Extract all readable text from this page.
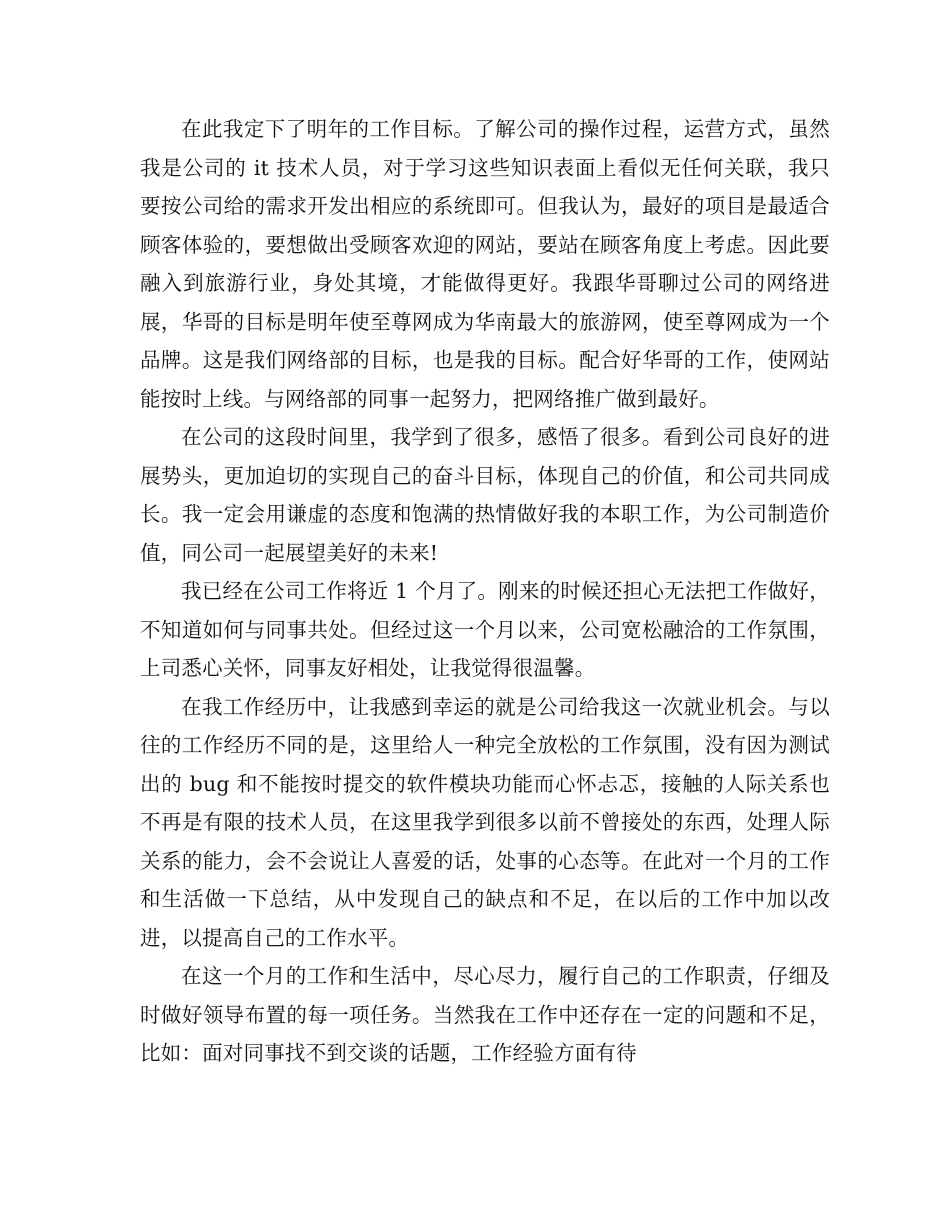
在此我定下了明年的工作目标。了解公司的操作过程，运营方式，虽然我是公司的 it 技术人员，对于学习这些知识表面上看似无任何关联，我只要按公司给的需求开发出相应的系统即可。但我认为，最好的项目是最适合顾客体验的，要想做出受顾客欢迎的网站，要站在顾客角度上考虑。因此要融入到旅游行业，身处其境，才能做得更好。我跟华哥聊过公司的网络进展，华哥的目标是明年使至尊网成为华南最大的旅游网，使至尊网成为一个品牌。这是我们网络部的目标，也是我的目标。配合好华哥的工作，使网站能按时上线。与网络部的同事一起努力，把网络推广做到最好。

在公司的这段时间里，我学到了很多，感悟了很多。看到公司良好的进展势头，更加迫切的实现自己的奋斗目标，体现自己的价值，和公司共同成长。我一定会用谦虚的态度和饱满的热情做好我的本职工作，为公司制造价值，同公司一起展望美好的未来!

我已经在公司工作将近 1 个月了。刚来的时候还担心无法把工作做好，不知道如何与同事共处。但经过这一个月以来，公司宽松融洽的工作氛围，上司悉心关怀，同事友好相处，让我觉得很温馨。

在我工作经历中，让我感到幸运的就是公司给我这一次就业机会。与以往的工作经历不同的是，这里给人一种完全放松的工作氛围，没有因为测试出的 bug 和不能按时提交的软件模块功能而心怀忐忑，接触的人际关系也不再是有限的技术人员，在这里我学到很多以前不曾接处的东西，处理人际关系的能力，会不会说让人喜爱的话，处事的心态等。在此对一个月的工作和生活做一下总结，从中发现自己的缺点和不足，在以后的工作中加以改进，以提高自己的工作水平。

在这一个月的工作和生活中，尽心尽力，履行自己的工作职责，仔细及时做好领导布置的每一项任务。当然我在工作中还存在一定的问题和不足，比如：面对同事找不到交谈的话题，工作经验方面有待
